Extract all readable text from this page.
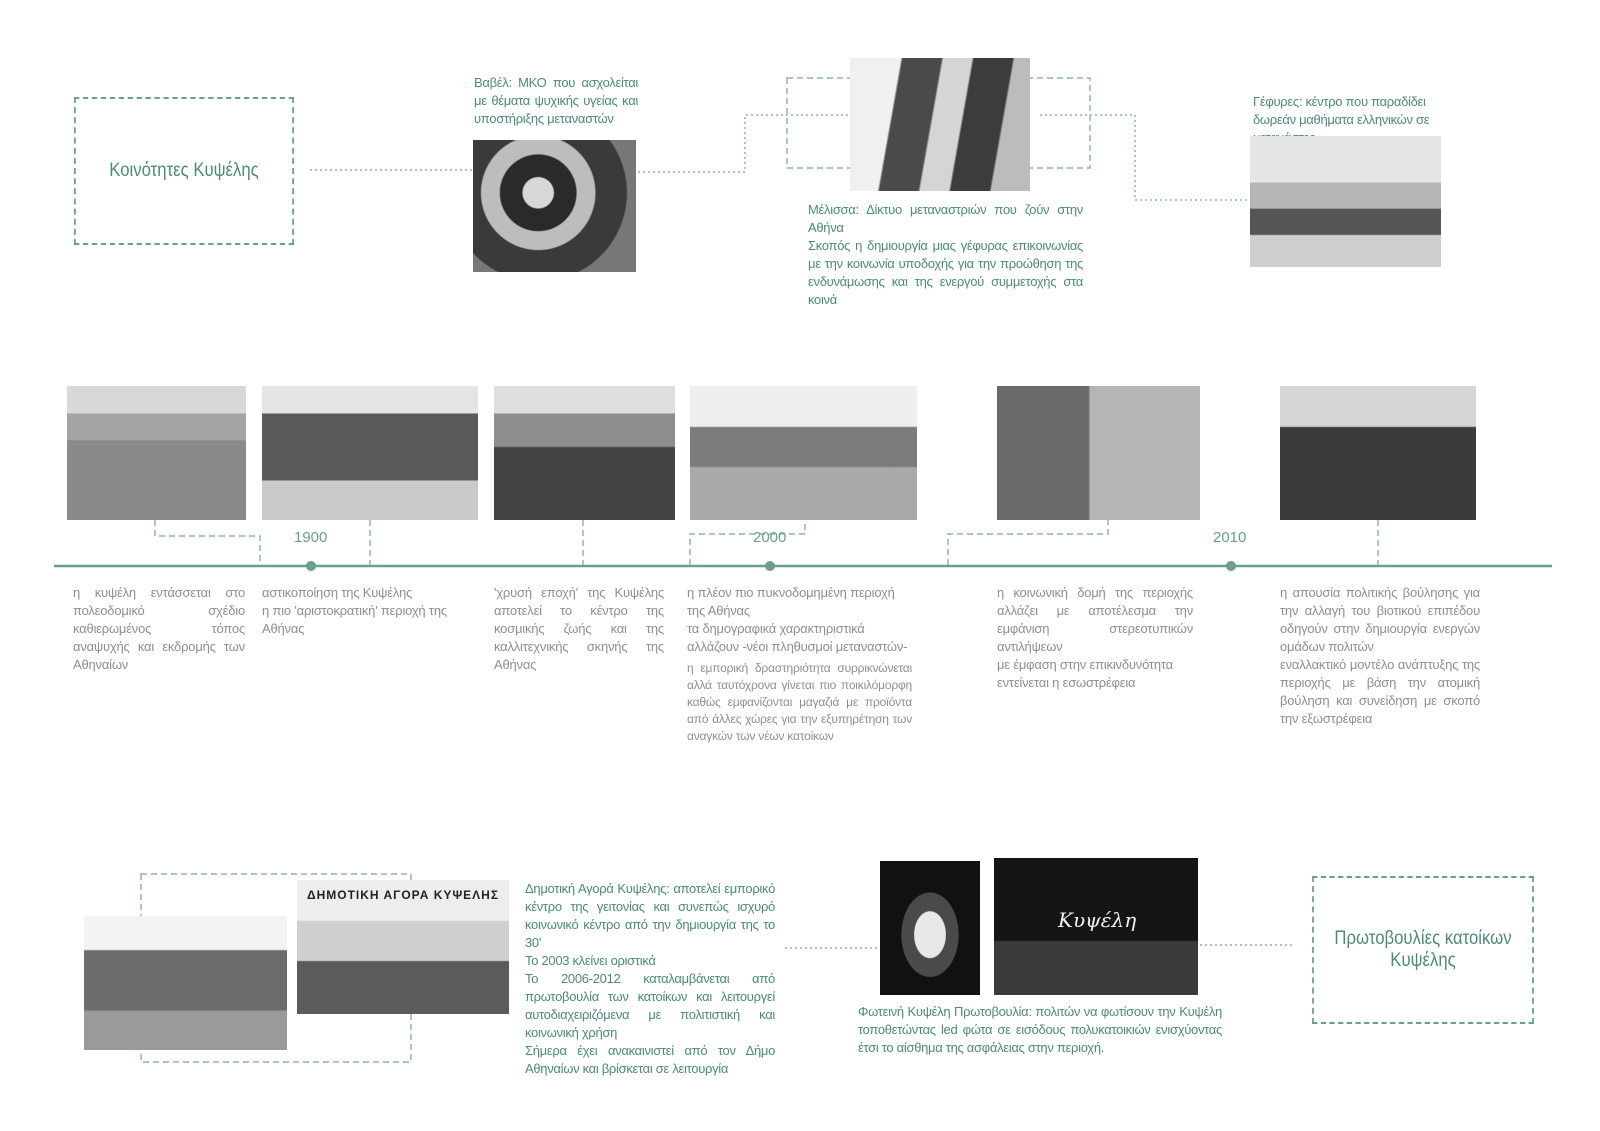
Κοινότητες Κυψέλης

Βαβέλ: ΜΚΟ που ασχολείται με θέματα ψυχικής υγείας και υποστήριξης μεταναστών

Μέλισσα: Δίκτυο μεταναστριών που ζούν στην Αθήνα

Σκοπός η δημιουργία μιας γέφυρας επικοινωνίας με την κοινωνία υποδοχής για την προώθηση της ενδυνάμωσης και της ενεργού συμμετοχής στα κοινά

Γέφυρες: κέντρο που παραδίδει δωρεάν μαθήματα ελληνικών σε

1900	2000	2010

η κυψέλη εντάσσεται στο πολεοδομικό σχέδιο καθιερωμένος τόπος αναψυχής και εκδρομής των Αθηναίων

αστικοποίηση της Κυψέλης

η πιο 'αριστοκρατική' περιοχή της Αθήνας

'χρυσή εποχή' της Κυψέλης αποτελεί το κέντρο της κοσμικής ζωής και της καλλιτεχνικής σκηνής της Αθήνας

η πλέον πιο πυκνοδομημένη περιοχή της Αθήνας

τα δημογραφικά χαρακτηριστικά αλλάζουν -νέοι πληθυσμοί μεταναστών-

η εμπορική δραστηριότητα συρρικνώνεται αλλά ταυτόχρονα γίνεται πιο ποικιλόμορφη καθώς εμφανίζονται μαγαζιά με προϊόντα από άλλες χώρες για την εξυπηρέτηση των αναγκών των νέων κατοίκων

η κοινωνική δομή της περιοχής αλλάζει με αποτέλεσμα την εμφάνιση στερεοτυπικών αντιλήψεων

με έμφαση στην επικινδυνότητα εντείνεται η εσωστρέφεια

η απουσία πολιτικής βούλησης για την αλλαγή του βιοτικού επιπέδου οδηγούν στην δημιουργία ενεργών ομάδων πολιτών

εναλλακτικό μοντέλο ανάπτυξης της περιοχής με βάση την ατομική βούληση και συνείδηση με σκοπό την εξωστρέφεια

ΔΗΜΟΤΙΚΗ ΑΓΟΡΑ ΚΥΨΕΛΗΣ	Δημοτική Αγορά Κυψέλης: αποτελεί εμπορικό κέντρο της γειτονίας και συνεπώς ισχυρό κοινωνικό κέντρο από την δημιουργία της το 30'

Το 2003 κλείνει οριστικά

Το 2006-2012 καταλαμβάνεται από πρωτοβουλία των κατοίκων και λειτουργεί αυτοδιαχειριζόμενα με πολιτιστική και κοινωνική χρήση

Σήμερα έχει ανακαινιστεί από τον Δήμο Αθηναίων και βρίσκεται σε λειτουργία

Κυψέλη

Φωτεινή Κυψέλη Πρωτοβουλία: πολιτών να φωτίσουν την Κυψέλη τοποθετώντας led φώτα σε εισόδους πολυκατοικιών ενισχύοντας έτσι το αίσθημα της ασφάλειας στην περιοχή.

Πρωτοβουλίες κατοίκων Κυψέλης
